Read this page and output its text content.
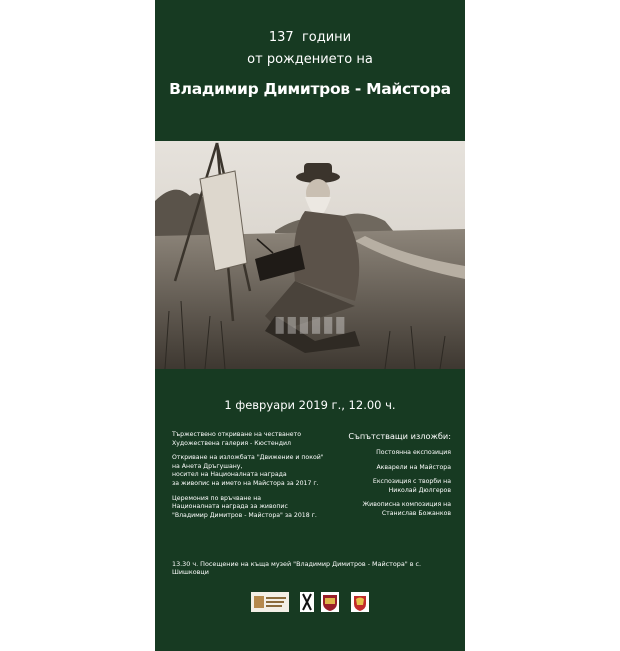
137  години
от рождението на
Владимир Димитров - Майстора
▮▮▮▮▮▮
1 февруари 2019 г., 12.00 ч.
Тържествено откриване на честването
Художествена галерия - Кюстендил
Откриване на изложбата "Движение и покой"
на Анета Дръгушану,
носител на Националната награда
за живопис на името на Майстора за 2017 г.
Церемония по връчване на
Националната награда за живопис
"Владимир Димитров - Майстора" за 2018 г.
Съпътстващи изложби:
Постоянна експозиция
Акварели на Майстора
Експозиция с творби на
Николай Дюлгеров
Живописна композиция на
Станислав Божанков
13.30 ч. Посещение на къща музей "Владимир Димитров - Майстора" в с. Шишковци
